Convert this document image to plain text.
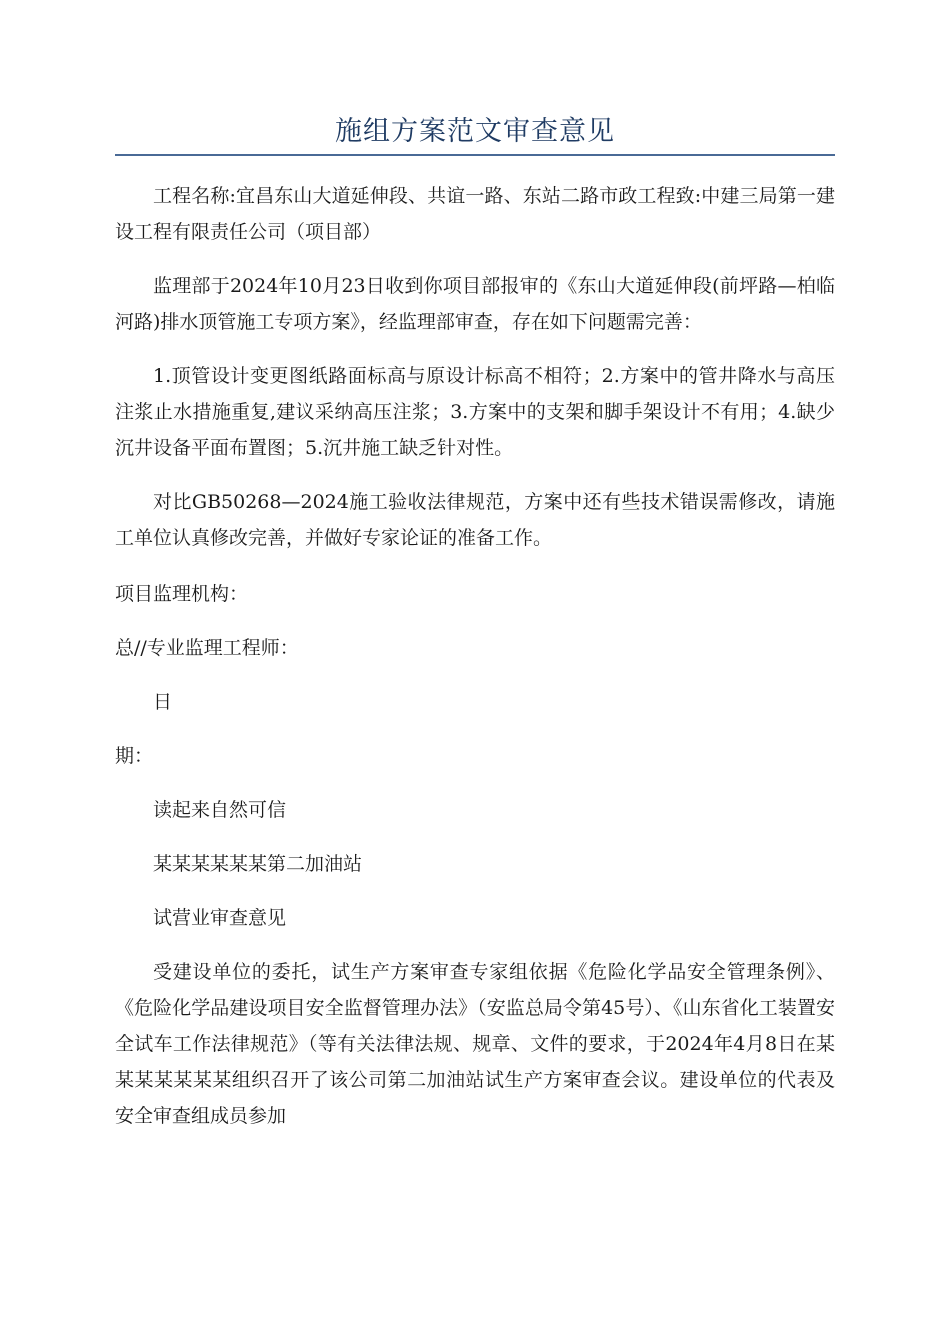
施组方案范文审查意见

工程名称:宜昌东山大道延伸段、共谊一路、东站二路市政工程致:中建三局第一建设工程有限责任公司（项目部）

监理部于2024年10月23日收到你项目部报审的《东山大道延伸段(前坪路—柏临河路)排水顶管施工专项方案》，经监理部审查，存在如下问题需完善：

1.顶管设计变更图纸路面标高与原设计标高不相符；2.方案中的管井降水与高压注浆止水措施重复,建议采纳高压注浆；3.方案中的支架和脚手架设计不有用；4.缺少沉井设备平面布置图；5.沉井施工缺乏针对性。

对比GB50268—2024施工验收法律规范，方案中还有些技术错误需修改，请施工单位认真修改完善，并做好专家论证的准备工作。

项目监理机构：

总//专业监理工程师：

日

期：

读起来自然可信

某某某某某某第二加油站

试营业审查意见

受建设单位的委托，试生产方案审查专家组依据《危险化学品安全管理条例》、《危险化学品建设项目安全监督管理办法》（安监总局令第45号）、《山东省化工装置安全试车工作法律规范》（等有关法律法规、规章、文件的要求，于2024年4月8日在某某某某某某某组织召开了该公司第二加油站试生产方案审查会议。建设单位的代表及安全审查组成员参加
